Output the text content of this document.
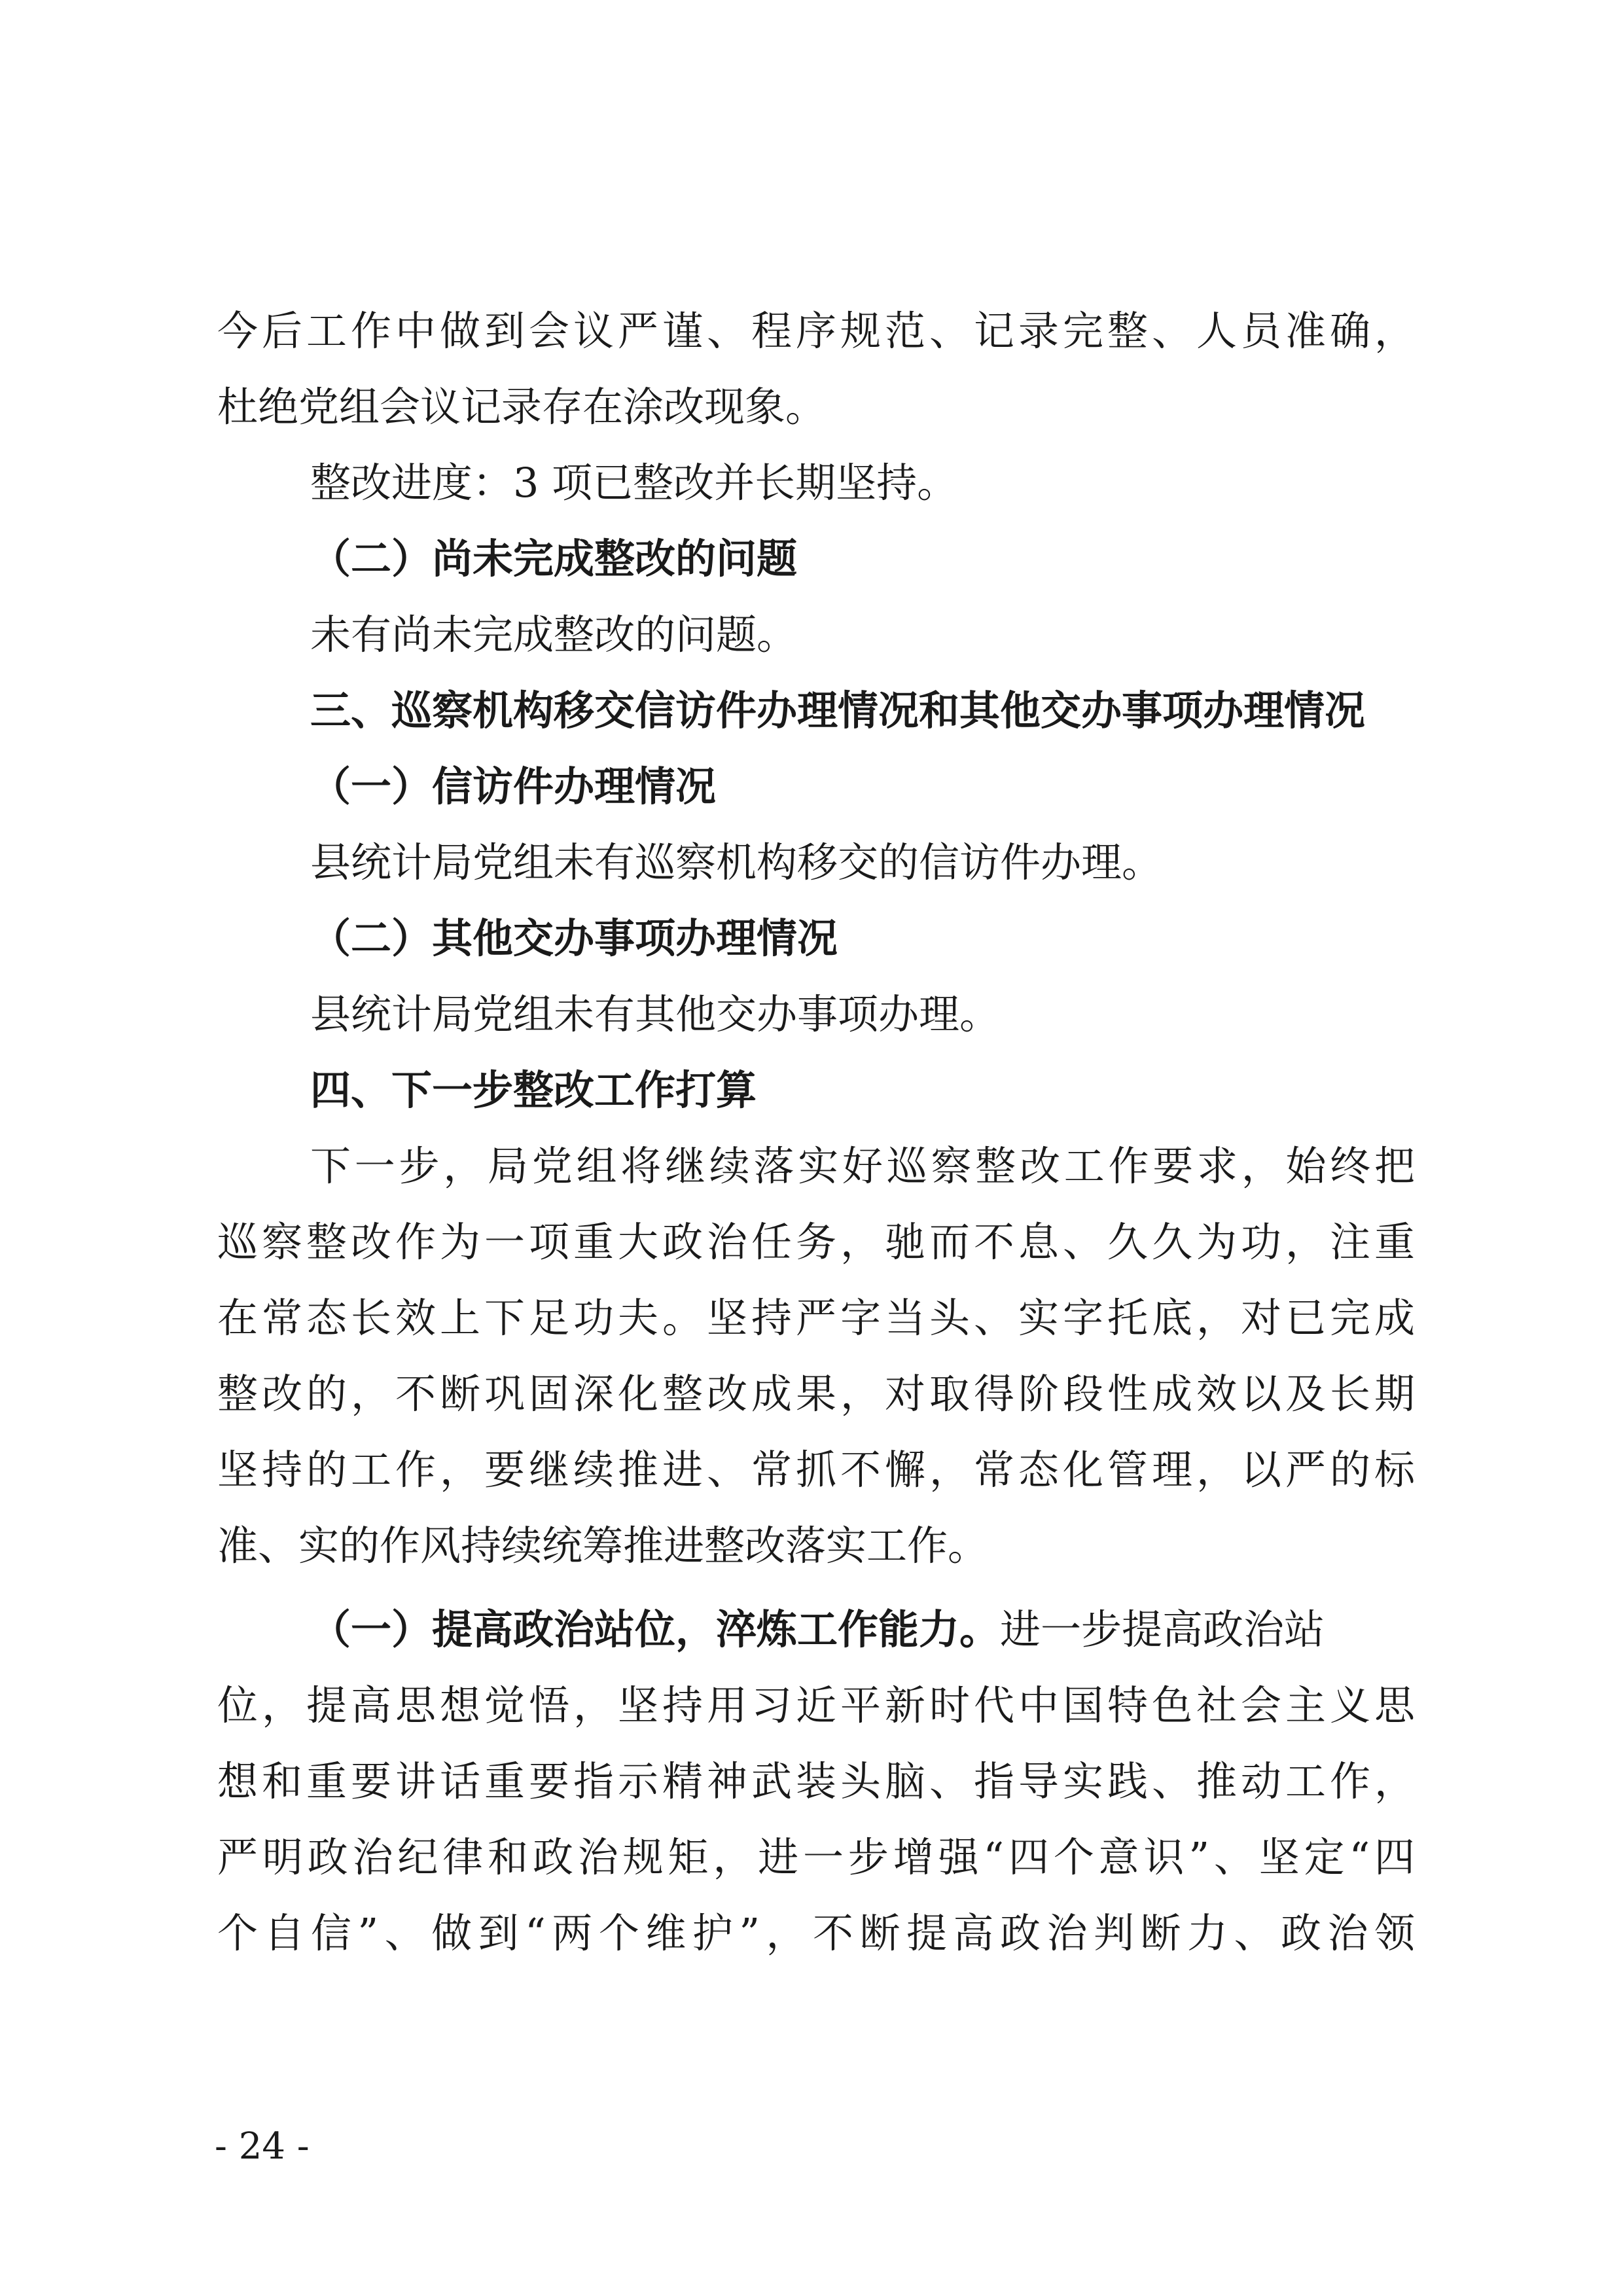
今后工作中做到会议严谨、程序规范、记录完整、人员准确，
杜绝党组会议记录存在涂改现象。
整改进度：3 项已整改并长期坚持。
（二）尚未完成整改的问题
未有尚未完成整改的问题。
三、巡察机构移交信访件办理情况和其他交办事项办理情况
（一）信访件办理情况
县统计局党组未有巡察机构移交的信访件办理。
（二）其他交办事项办理情况
县统计局党组未有其他交办事项办理。
四、下一步整改工作打算
下一步，局党组将继续落实好巡察整改工作要求，始终把
巡察整改作为一项重大政治任务，驰而不息、久久为功，注重
在常态长效上下足功夫。坚持严字当头、实字托底，对已完成
整改的，不断巩固深化整改成果，对取得阶段性成效以及长期
坚持的工作，要继续推进、常抓不懈，常态化管理，以严的标
准、实的作风持续统筹推进整改落实工作。
（一）提高政治站位，淬炼工作能力。进一步提高政治站
位，提高思想觉悟，坚持用习近平新时代中国特色社会主义思
想和重要讲话重要指示精神武装头脑、指导实践、推动工作，
严明政治纪律和政治规矩，进一步增强“四个意识”、坚定“四
个自信”、做到“两个维护”，不断提高政治判断力、政治领
- 24 -
